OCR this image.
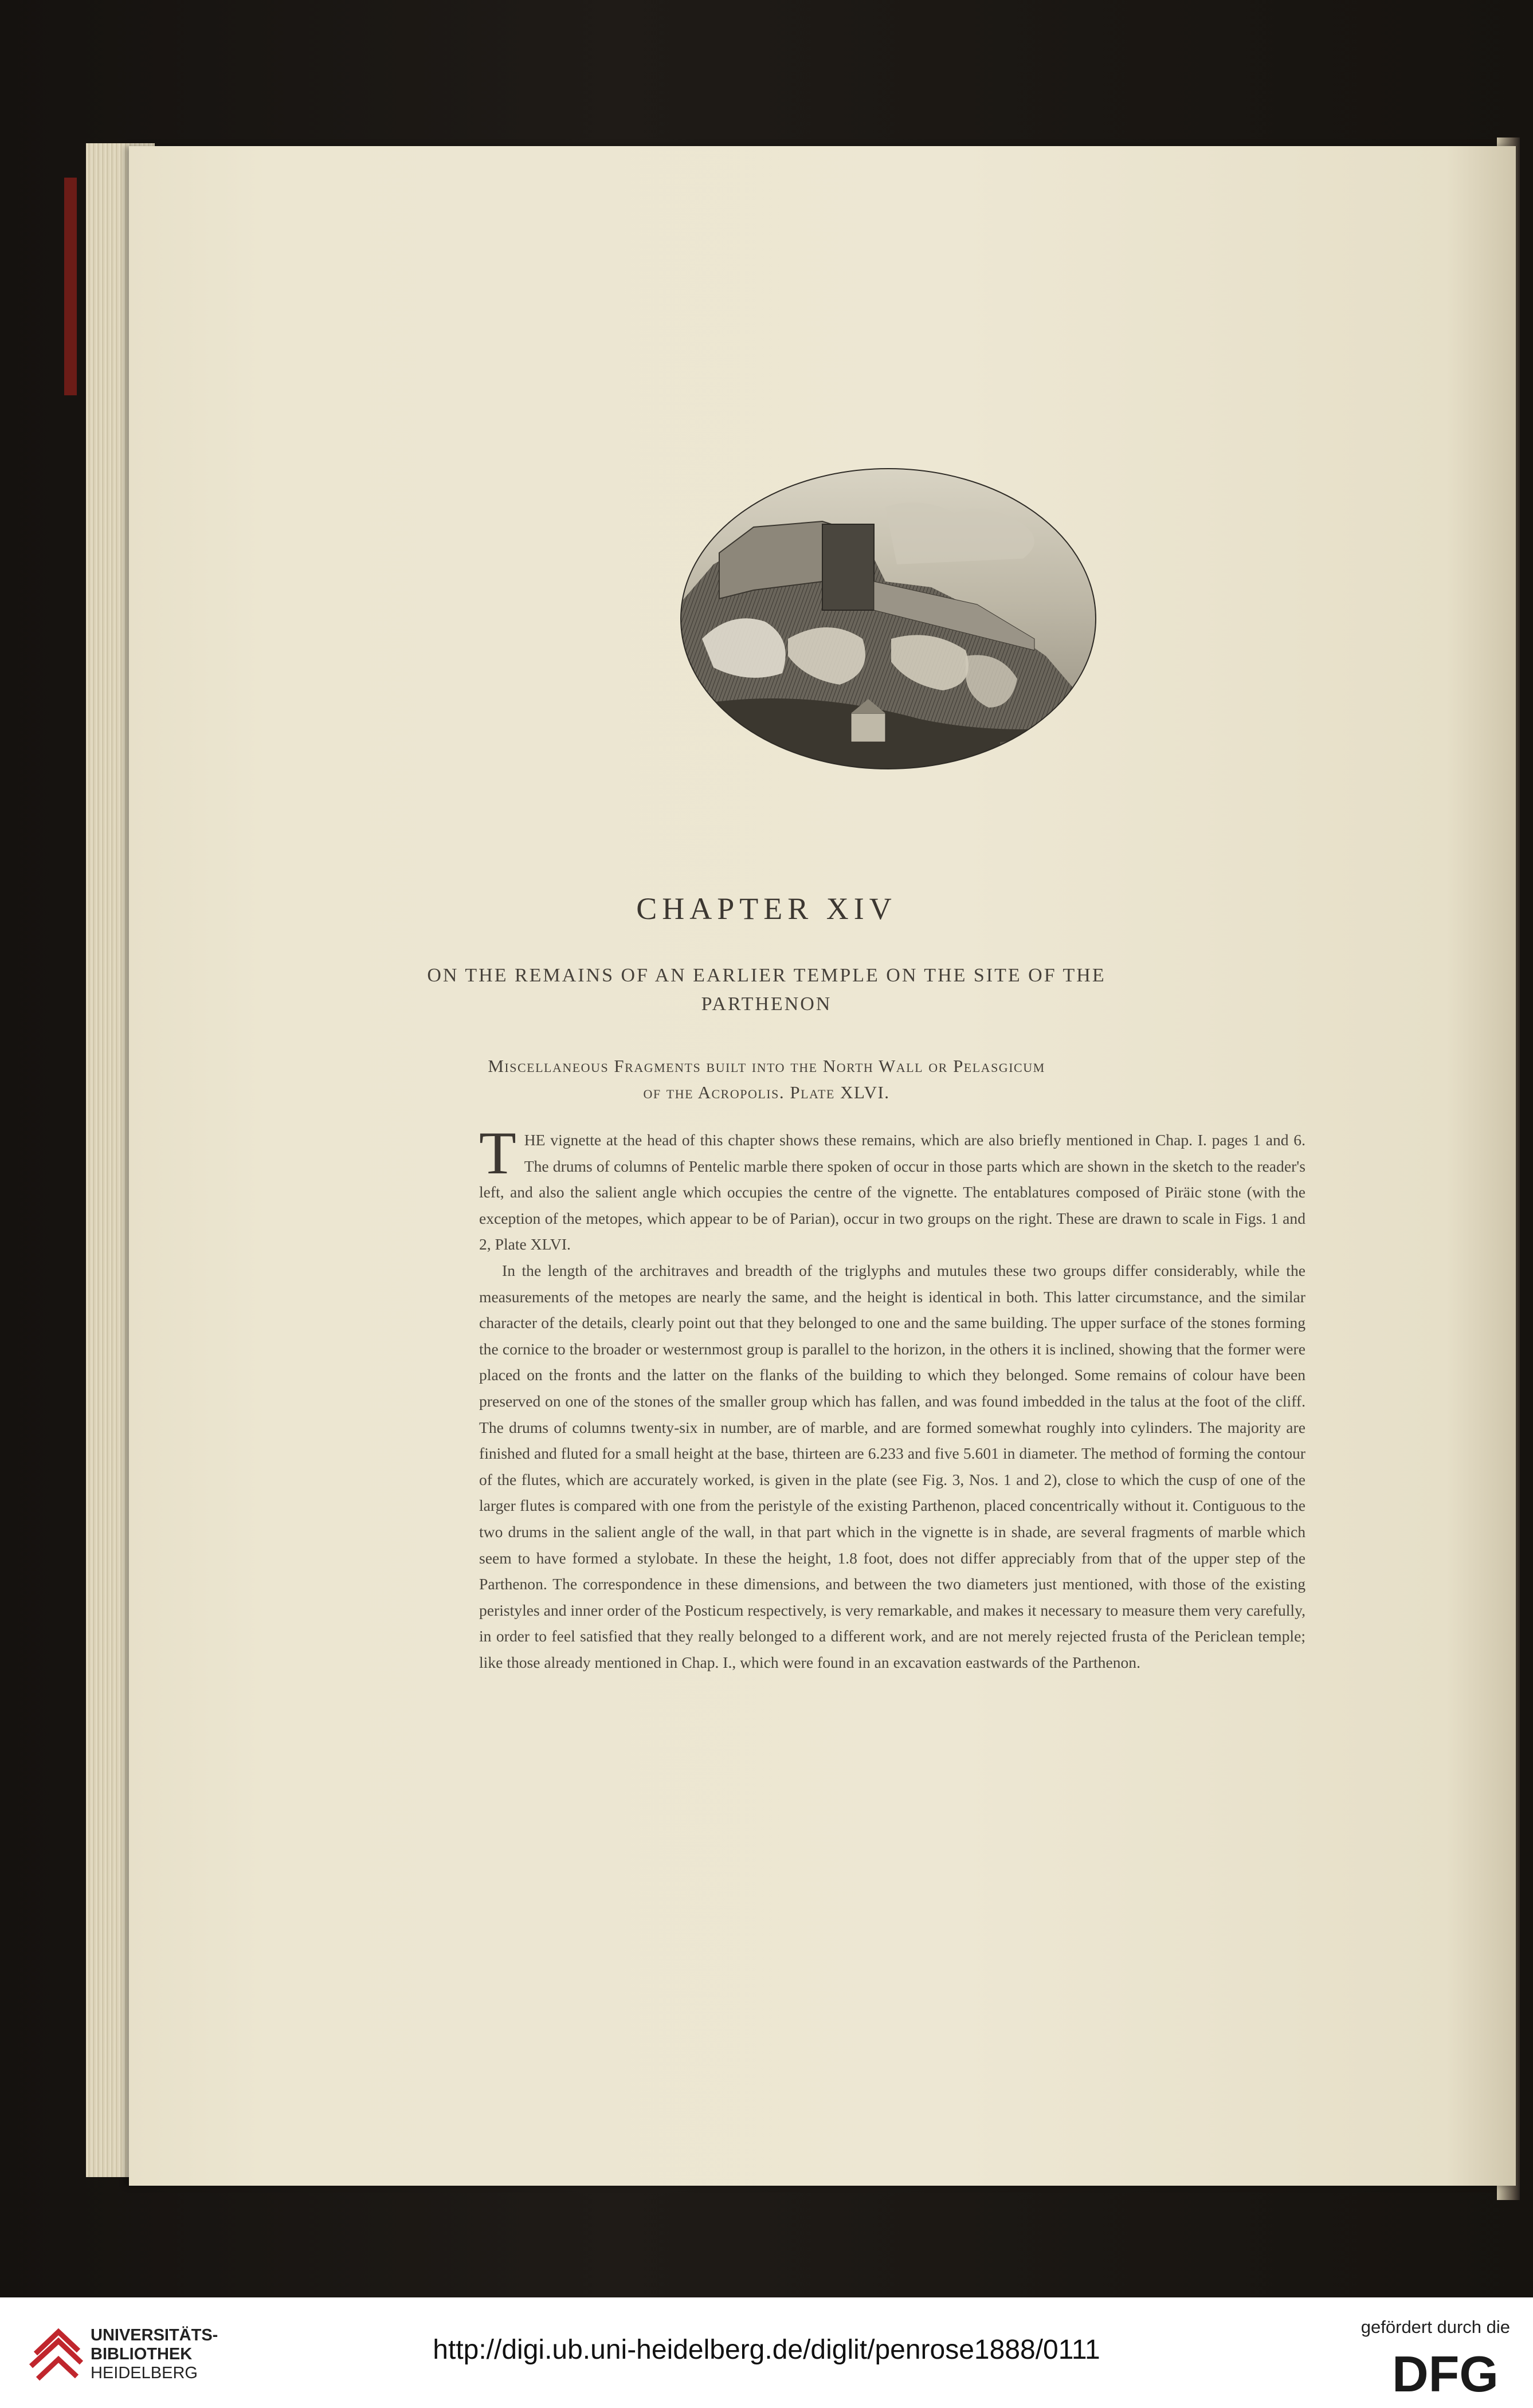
CHAPTER XIV
ON THE REMAINS OF AN EARLIER TEMPLE ON THE SITE OF THE
PARTHENON
Miscellaneous Fragments built into the North Wall or Pelasgicum
of the Acropolis. Plate XLVI.

THE vignette at the head of this chapter shows these remains, which are also briefly mentioned in Chap. I. pages 1 and 6. The drums of columns of Pentelic marble there spoken of occur in those parts which are shown in the sketch to the reader's left, and also the salient angle which occupies the centre of the vignette. The entablatures composed of Piräic stone (with the exception of the metopes, which appear to be of Parian), occur in two groups on the right. These are drawn to scale in Figs. 1 and 2, Plate XLVI.

In the length of the architraves and breadth of the triglyphs and mutules these two groups differ considerably, while the measurements of the metopes are nearly the same, and the height is identical in both. This latter circumstance, and the similar character of the details, clearly point out that they belonged to one and the same building. The upper surface of the stones forming the cornice to the broader or westernmost group is parallel to the horizon, in the others it is inclined, showing that the former were placed on the fronts and the latter on the flanks of the building to which they belonged. Some remains of colour have been preserved on one of the stones of the smaller group which has fallen, and was found imbedded in the talus at the foot of the cliff. The drums of columns twenty-six in number, are of marble, and are formed somewhat roughly into cylinders. The majority are finished and fluted for a small height at the base, thirteen are 6.233 and five 5.601 in diameter. The method of forming the contour of the flutes, which are accurately worked, is given in the plate (see Fig. 3, Nos. 1 and 2), close to which the cusp of one of the larger flutes is compared with one from the peristyle of the existing Parthenon, placed concentrically without it. Contiguous to the two drums in the salient angle of the wall, in that part which in the vignette is in shade, are several fragments of marble which seem to have formed a stylobate. In these the height, 1.8 foot, does not differ appreciably from that of the upper step of the Parthenon. The correspondence in these dimensions, and between the two diameters just mentioned, with those of the existing peristyles and inner order of the Posticum respectively, is very remarkable, and makes it necessary to measure them very carefully, in order to feel satisfied that they really belonged to a different work, and are not merely rejected frusta of the Periclean temple; like those already mentioned in Chap. I., which were found in an excavation eastwards of the Parthenon.

UNIVERSITÄTS-
BIBLIOTHEK
HEIDELBERG
http://digi.ub.uni-heidelberg.de/diglit/penrose1888/0111
gefördert durch die
DFG
